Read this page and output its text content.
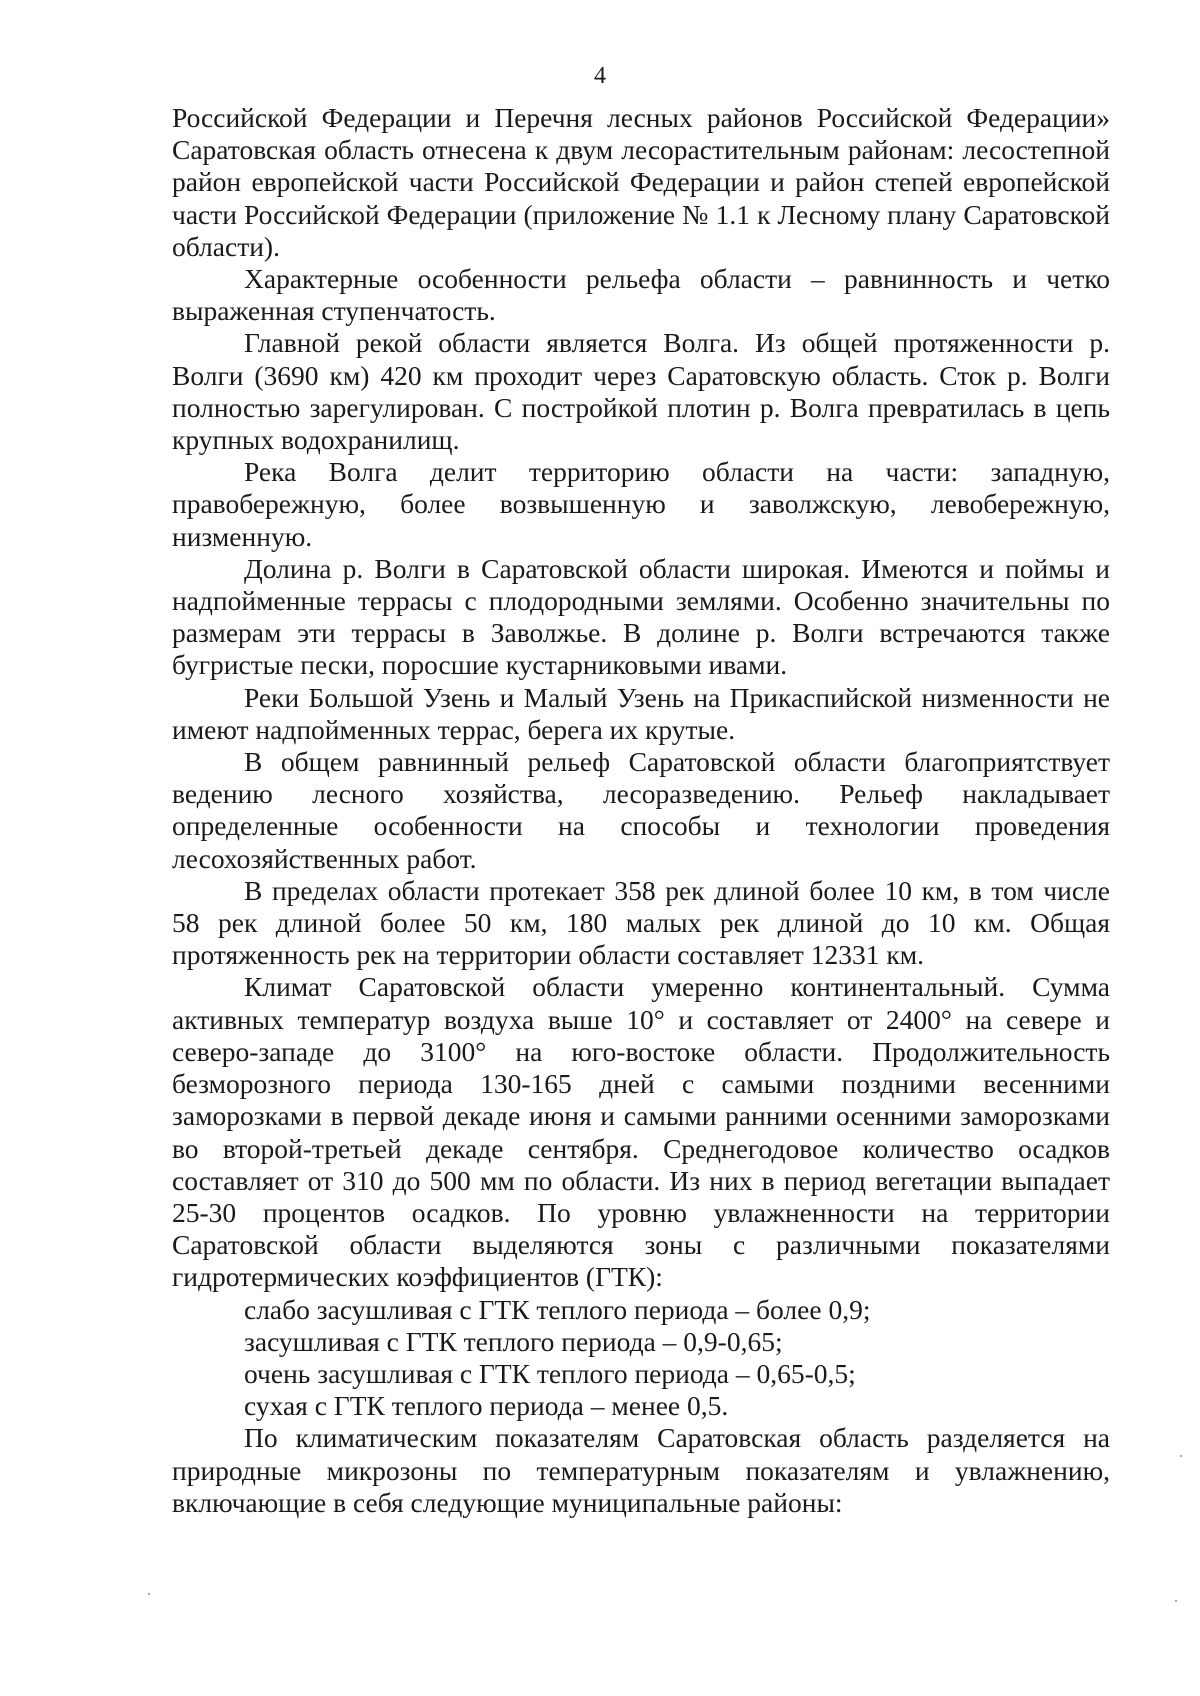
4

Российской Федерации и Перечня лесных районов Российской Федерации» Саратовская область отнесена к двум лесорастительным районам: лесостепной район европейской части Российской Федерации и район степей европейской части Российской Федерации (приложение № 1.1 к Лесному плану Саратовской области).

Характерные особенности рельефа области – равнинность и четко выраженная ступенчатость.

Главной рекой области является Волга. Из общей протяженности р. Волги (3690 км) 420 км проходит через Саратовскую область. Сток р. Волги полностью зарегулирован. С постройкой плотин р. Волга превратилась в цепь крупных водохранилищ.

Река Волга делит территорию области на части: западную, правобережную, более возвышенную и заволжскую, левобережную, низменную.

Долина р. Волги в Саратовской области широкая. Имеются и поймы и надпойменные террасы с плодородными землями. Особенно значительны по размерам эти террасы в Заволжье. В долине р. Волги встречаются также бугристые пески, поросшие кустарниковыми ивами.

Реки Большой Узень и Малый Узень на Прикаспийской низменности не имеют надпойменных террас, берега их крутые.

В общем равнинный рельеф Саратовской области благоприятствует ведению лесного хозяйства, лесоразведению. Рельеф накладывает определенные особенности на способы и технологии проведения лесохозяйственных работ.

В пределах области протекает 358 рек длиной более 10 км, в том числе 58 рек длиной более 50 км, 180 малых рек длиной до 10 км. Общая протяженность рек на территории области составляет 12331 км.

Климат Саратовской области умеренно континентальный. Сумма активных температур воздуха выше 10° и составляет от 2400° на севере и северо-западе до 3100° на юго-востоке области. Продолжительность безморозного периода 130-165 дней с самыми поздними весенними заморозками в первой декаде июня и самыми ранними осенними заморозками во второй-третьей декаде сентября. Среднегодовое количество осадков составляет от 310 до 500 мм по области. Из них в период вегетации выпадает 25-30 процентов осадков. По уровню увлажненности на территории Саратовской области выделяются зоны с различными показателями гидротермических коэффициентов (ГТК):

слабо засушливая с ГТК теплого периода – более 0,9;
засушливая с ГТК теплого периода – 0,9-0,65;
очень засушливая с ГТК теплого периода – 0,65-0,5;
сухая с ГТК теплого периода – менее 0,5.

По климатическим показателям Саратовская область разделяется на природные микрозоны по температурным показателям и увлажнению, включающие в себя следующие муниципальные районы:
